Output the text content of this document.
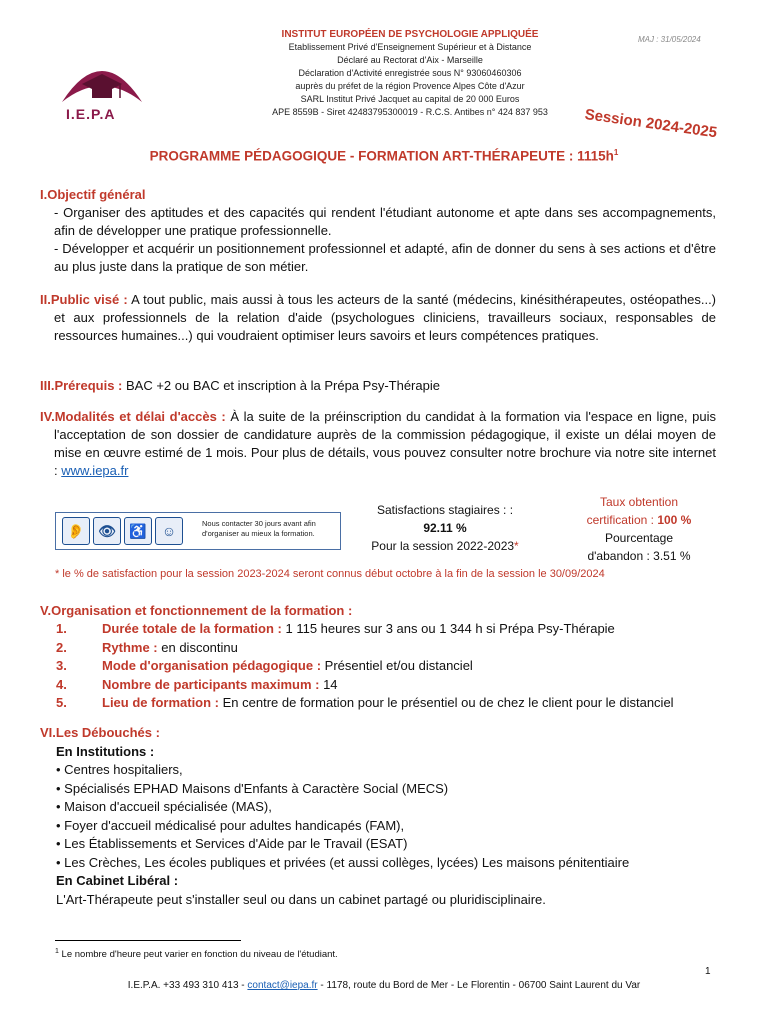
MAJ : 31/05/2024
I.E.P.A
INSTITUT EUROPÉEN DE PSYCHOLOGIE APPLIQUÉE
Etablissement Privé d'Enseignement Supérieur et à Distance
Déclaré au Rectorat d'Aix - Marseille
Déclaration d'Activité enregistrée sous N° 93060460306
auprès du préfet de la région Provence Alpes Côte d'Azur
SARL Institut Privé Jacquet au capital de 20 000 Euros
APE 8559B - Siret 42483795300019 - R.C.S. Antibes n° 424 837 953	Session 2024-2025
PROGRAMME PÉDAGOGIQUE - FORMATION ART-THÉRAPEUTE : $1115h^1$
I.Objectif général

- Organiser des aptitudes et des capacités qui rendent l'étudiant autonome et apte dans ses accompagnements, afin de développer une pratique professionnelle.

- Développer et acquérir un positionnement professionnel et adapté, afin de donner du sens à ses actions et d'être au plus juste dans la pratique de son métier.

II.Public visé : A tout public, mais aussi à tous les acteurs de la santé (médecins, kinésithérapeutes, ostéopathes...) et aux professionnels de la relation d'aide (psychologues cliniciens, travailleurs sociaux, responsables de ressources humaines...) qui voudraient optimiser leurs savoirs et leurs compétences pratiques.

III.Prérequis : BAC +2 ou BAC et inscription à la Prépa Psy-Thérapie

IV.Modalités et délai d'accès : À la suite de la préinscription du candidat à la formation via l'espace en ligne, puis l'acceptation de son dossier de candidature auprès de la commission pédagogique, il existe un délai moyen de mise en œuvre estimé de 1 mois. Pour plus de détails, vous pouvez consulter notre brochure via notre site internet : www.iepa.fr

👂 👁 ♿ ☺	Nous contacter 30 jours avant afin d'organiser au mieux la formation.
Satisfactions stagiaires : :
92.11 %
Pour la session 2022-2023*
Taux obtention
certification : 100 %
Pourcentage
d'abandon : 3.51 %
* le % de satisfaction pour la session 2023-2024 seront connus début octobre à la fin de la session le 30/09/2024
V.Organisation et fonctionnement de la formation :
1.	Durée totale de la formation : 1 115 heures sur 3 ans ou 1 344 h si Prépa Psy-Thérapie
2.	Rythme : en discontinu
3.	Mode d'organisation pédagogique : Présentiel et/ou distanciel
4.	Nombre de participants maximum : 14
5.	Lieu de formation : En centre de formation pour le présentiel ou de chez le client pour le distanciel
VI.Les Débouchés :
En Institutions :
• Centres hospitaliers,
• Spécialisés EPHAD Maisons d'Enfants à Caractère Social (MECS)
• Maison d'accueil spécialisée (MAS),
• Foyer d'accueil médicalisé pour adultes handicapés (FAM),
• Les Établissements et Services d'Aide par le Travail (ESAT)
• Les Crèches, Les écoles publiques et privées (et aussi collèges, lycées) Les maisons pénitentiaire
En Cabinet Libéral :
L'Art-Thérapeute peut s'installer seul ou dans un cabinet partagé ou pluridisciplinaire.
$^1$ Le nombre d'heure peut varier en fonction du niveau de l'étudiant.
1
I.E.P.A. +33 493 310 413 - contact@iepa.fr - 1178, route du Bord de Mer - Le Florentin - 06700 Saint Laurent du Var
